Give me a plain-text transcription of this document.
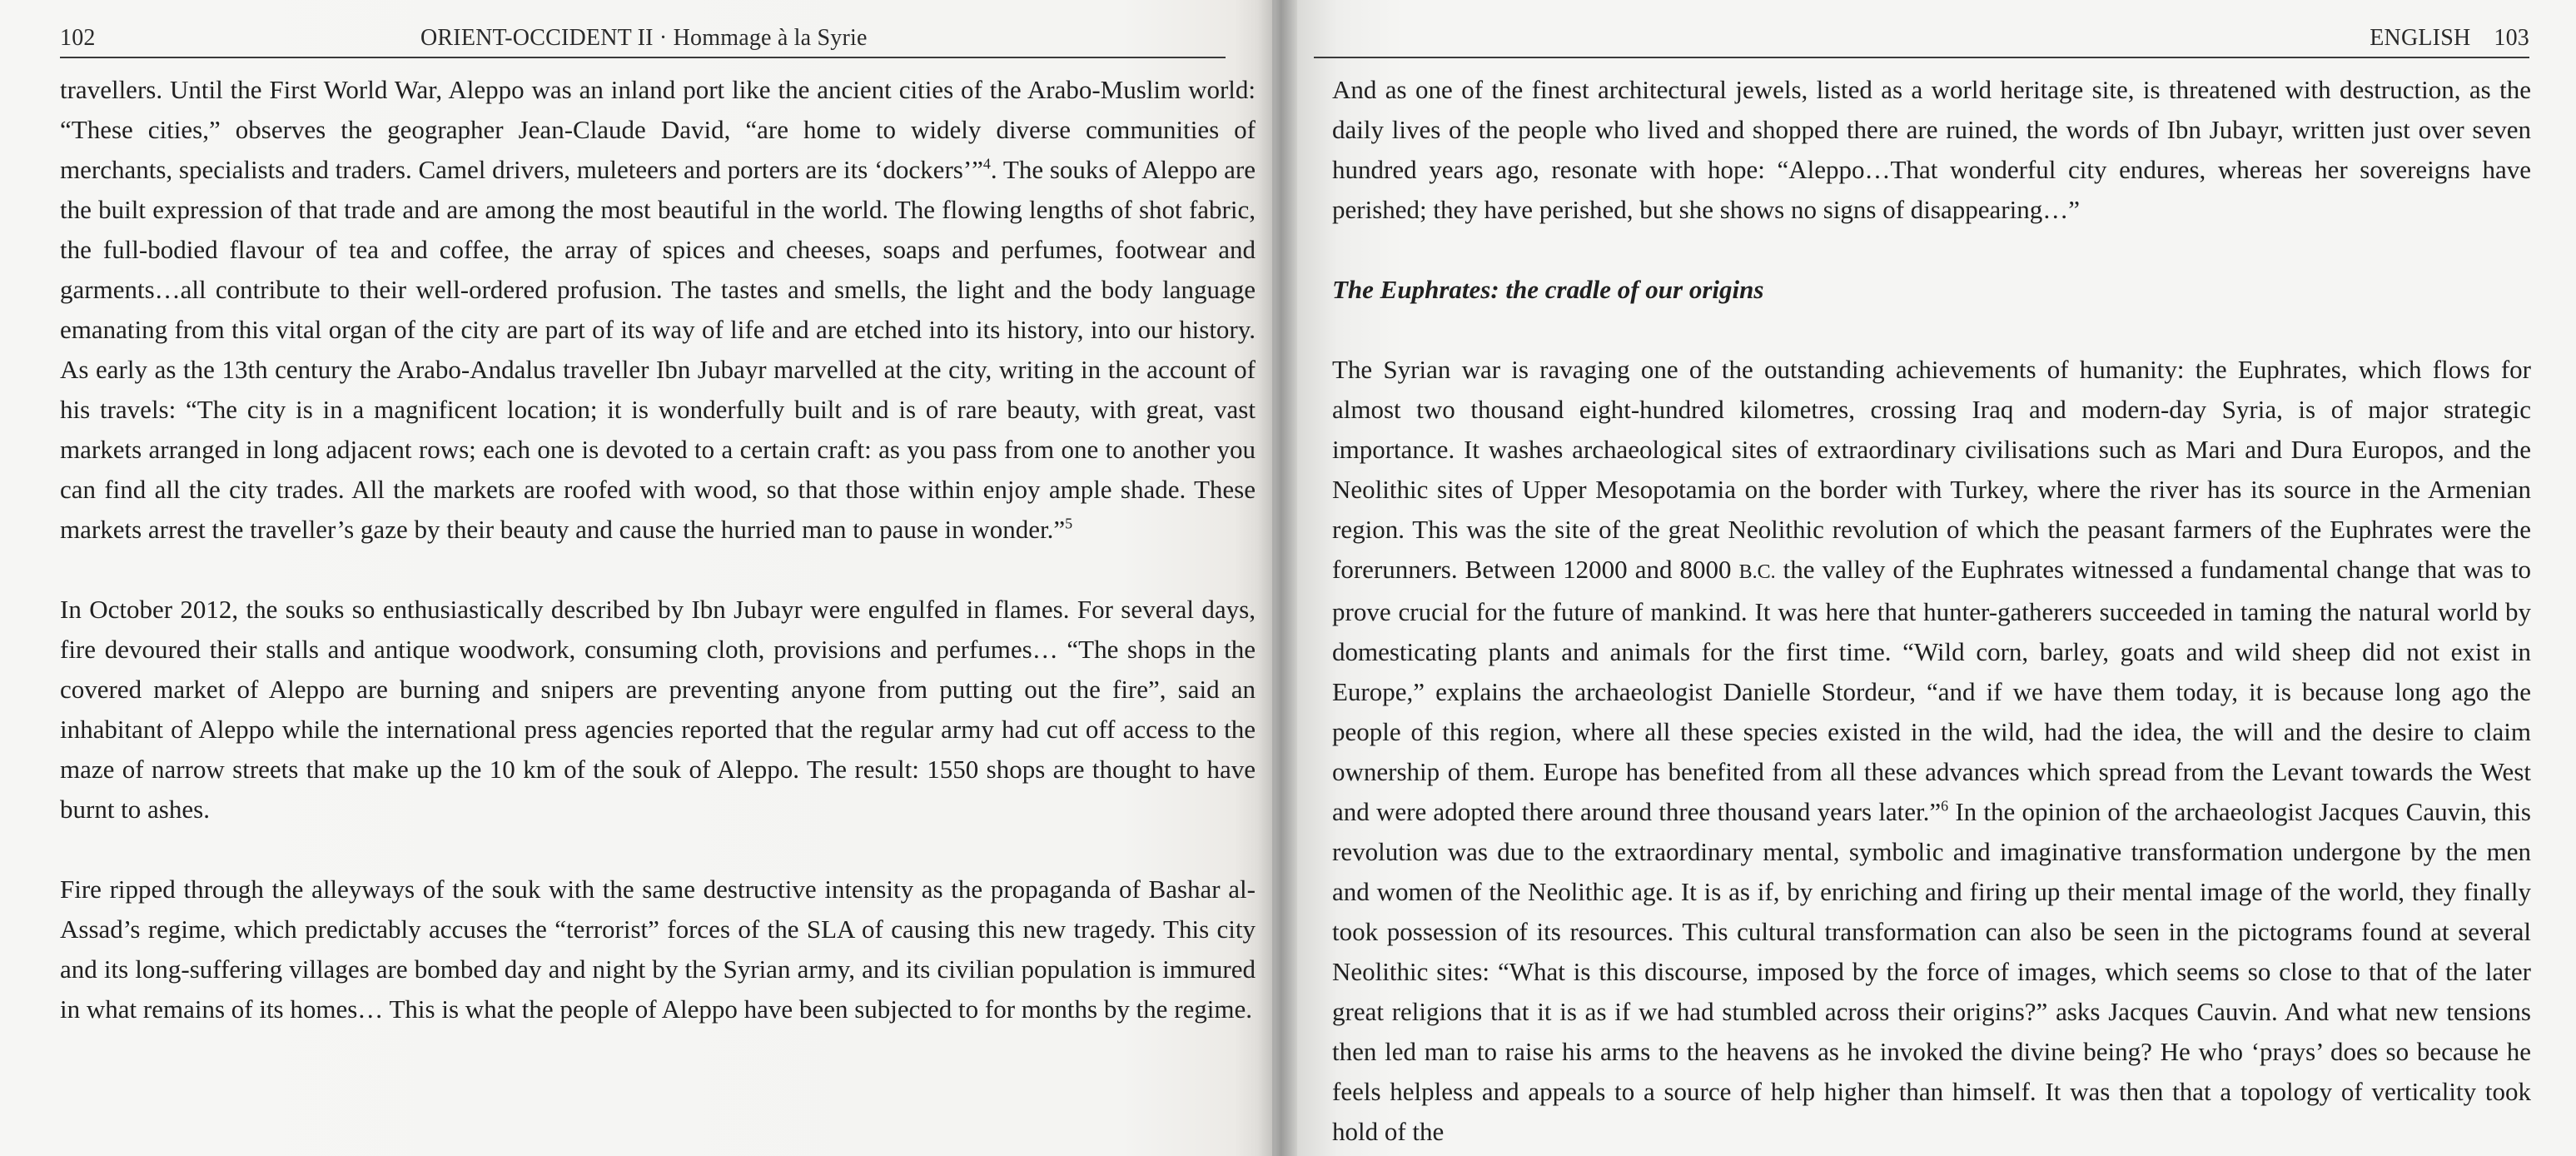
102	ORIENT-OCCIDENT II · Hommage à la Syrie

travellers. Until the First World War, Aleppo was an inland port like the ancient cities of the Arabo-Muslim world: “These cities,” observes the geographer Jean-Claude David, “are home to widely diverse communities of merchants, specialists and traders. Camel drivers, muleteers and porters are its ‘dockers’”$^4$. The souks of Aleppo are the built expression of that trade and are among the most beautiful in the world. The flowing lengths of shot fabric, the full-bodied flavour of tea and coffee, the array of spices and cheeses, soaps and perfumes, footwear and garments…all contribute to their well-ordered profusion. The tastes and smells, the light and the body language emanating from this vital organ of the city are part of its way of life and are etched into its history, into our history. As early as the 13th century the Arabo-Andalus traveller Ibn Jubayr marvelled at the city, writing in the account of his travels: “The city is in a magnificent location; it is wonderfully built and is of rare beauty, with great, vast markets arranged in long adjacent rows; each one is devoted to a certain craft: as you pass from one to another you can find all the city trades. All the markets are roofed with wood, so that those within enjoy ample shade. These markets arrest the traveller’s gaze by their beauty and cause the hurried man to pause in wonder.”$^5$

In October 2012, the souks so enthusiastically described by Ibn Jubayr were engulfed in flames. For several days, fire devoured their stalls and antique woodwork, consuming cloth, provisions and perfumes… “The shops in the covered market of Aleppo are burning and snipers are preventing anyone from putting out the fire”, said an inhabitant of Aleppo while the international press agencies reported that the regular army had cut off access to the maze of narrow streets that make up the 10 km of the souk of Aleppo. The result: 1550 shops are thought to have burnt to ashes.

Fire ripped through the alleyways of the souk with the same destructive intensity as the propaganda of Bashar al-Assad’s regime, which predictably accuses the “terrorist” forces of the SLA of causing this new tragedy. This city and its long-suffering villages are bombed day and night by the Syrian army, and its civilian population is immured in what remains of its homes… This is what the people of Aleppo have been subjected to for months by the regime.

ENGLISH 103

And as one of the finest architectural jewels, listed as a world heritage site, is threatened with destruction, as the daily lives of the people who lived and shopped there are ruined, the words of Ibn Jubayr, written just over seven hundred years ago, resonate with hope: “Aleppo…That wonderful city endures, whereas her sovereigns have perished; they have perished, but she shows no signs of disappearing…”

The Euphrates: the cradle of our origins

The Syrian war is ravaging one of the outstanding achievements of humanity: the Euphrates, which flows for almost two thousand eight-hundred kilometres, crossing Iraq and modern-day Syria, is of major strategic importance. It washes archaeological sites of extraordinary civilisations such as Mari and Dura Europos, and the Neolithic sites of Upper Mesopotamia on the border with Turkey, where the river has its source in the Armenian region. This was the site of the great Neolithic revolution of which the peasant farmers of the Euphrates were the forerunners. Between 12000 and 8000 B.C. the valley of the Euphrates witnessed a fundamental change that was to prove crucial for the future of mankind. It was here that hunter-gatherers succeeded in taming the natural world by domesticating plants and animals for the first time. “Wild corn, barley, goats and wild sheep did not exist in Europe,” explains the archaeologist Danielle Stordeur, “and if we have them today, it is because long ago the people of this region, where all these species existed in the wild, had the idea, the will and the desire to claim ownership of them. Europe has benefited from all these advances which spread from the Levant towards the West and were adopted there around three thousand years later.”$^6$ In the opinion of the archaeologist Jacques Cauvin, this revolution was due to the extraordinary mental, symbolic and imaginative transformation undergone by the men and women of the Neolithic age. It is as if, by enriching and firing up their mental image of the world, they finally took possession of its resources. This cultural transformation can also be seen in the pictograms found at several Neolithic sites: “What is this discourse, imposed by the force of images, which seems so close to that of the later great religions that it is as if we had stumbled across their origins?” asks Jacques Cauvin. And what new tensions then led man to raise his arms to the heavens as he invoked the divine being? He who ‘prays’ does so because he feels helpless and appeals to a source of help higher than himself. It was then that a topology of verticality took hold of the
